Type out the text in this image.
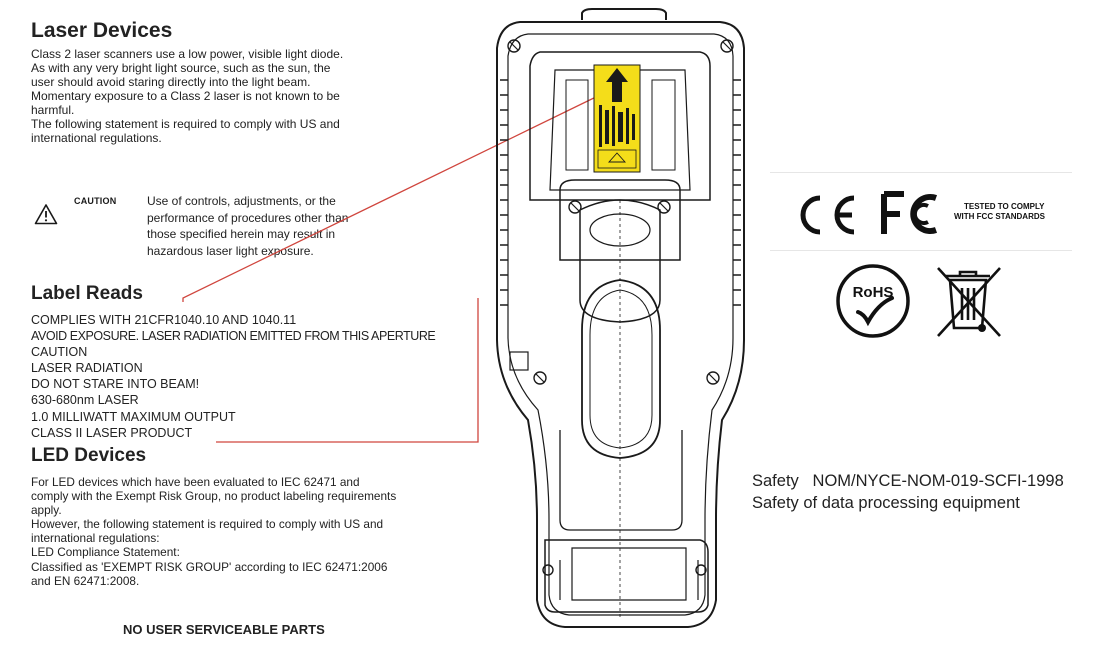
Laser Devices
Class 2 laser scanners use a low power, visible light diode.
As with any very bright light source, such as the sun, the
user should avoid staring directly into the light beam.
Momentary exposure to a Class 2 laser is not known to be
harmful.
The following statement is required to comply with US and
international regulations.
CAUTION	Use of controls, adjustments, or the
performance of procedures other than
those specified herein may result in
hazardous laser light exposure.
Label Reads
COMPLIES WITH 21CFR1040.10 AND 1040.11
AVOID EXPOSURE. LASER RADIATION EMITTED FROM THIS APERTURE
CAUTION
LASER RADIATION
DO NOT STARE INTO BEAM!
630-680nm LASER
1.0 MILLIWATT MAXIMUM OUTPUT
CLASS II LASER PRODUCT
LED Devices
For LED devices which have been evaluated to IEC 62471 and
comply with the Exempt Risk Group, no product labeling requirements
apply.
However, the following statement is required to comply with US and
international regulations:
LED Compliance Statement:
Classified as 'EXEMPT RISK GROUP' according to IEC 62471:2006
and EN 62471:2008.
NO USER SERVICEABLE PARTS
TESTED TO COMPLY
WITH FCC STANDARDS
RoHS
Safety   NOM/NYCE-NOM-019-SCFI-1998
Safety of data processing equipment
